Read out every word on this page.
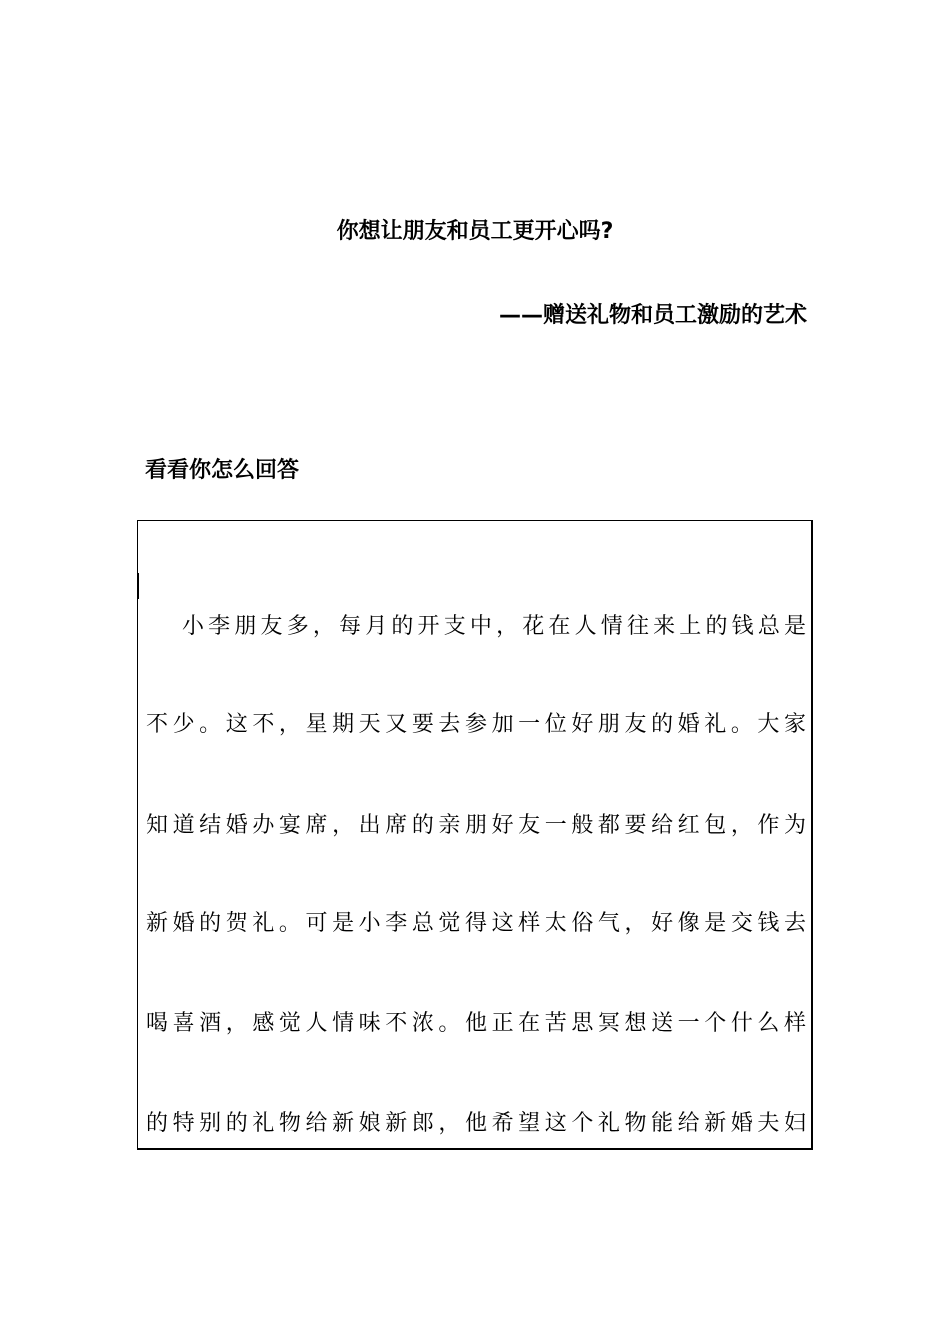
你想让朋友和员工更开心吗?
——赠送礼物和员工激励的艺术
看看你怎么回答
小李朋友多，每月的开支中，花在人情往来上的钱总是
不少。这不，星期天又要去参加一位好朋友的婚礼。大家
知道结婚办宴席，出席的亲朋好友一般都要给红包，作为
新婚的贺礼。可是小李总觉得这样太俗气，好像是交钱去
喝喜酒，感觉人情味不浓。他正在苦思冥想送一个什么样
的特别的礼物给新娘新郎，他希望这个礼物能给新婚夫妇
